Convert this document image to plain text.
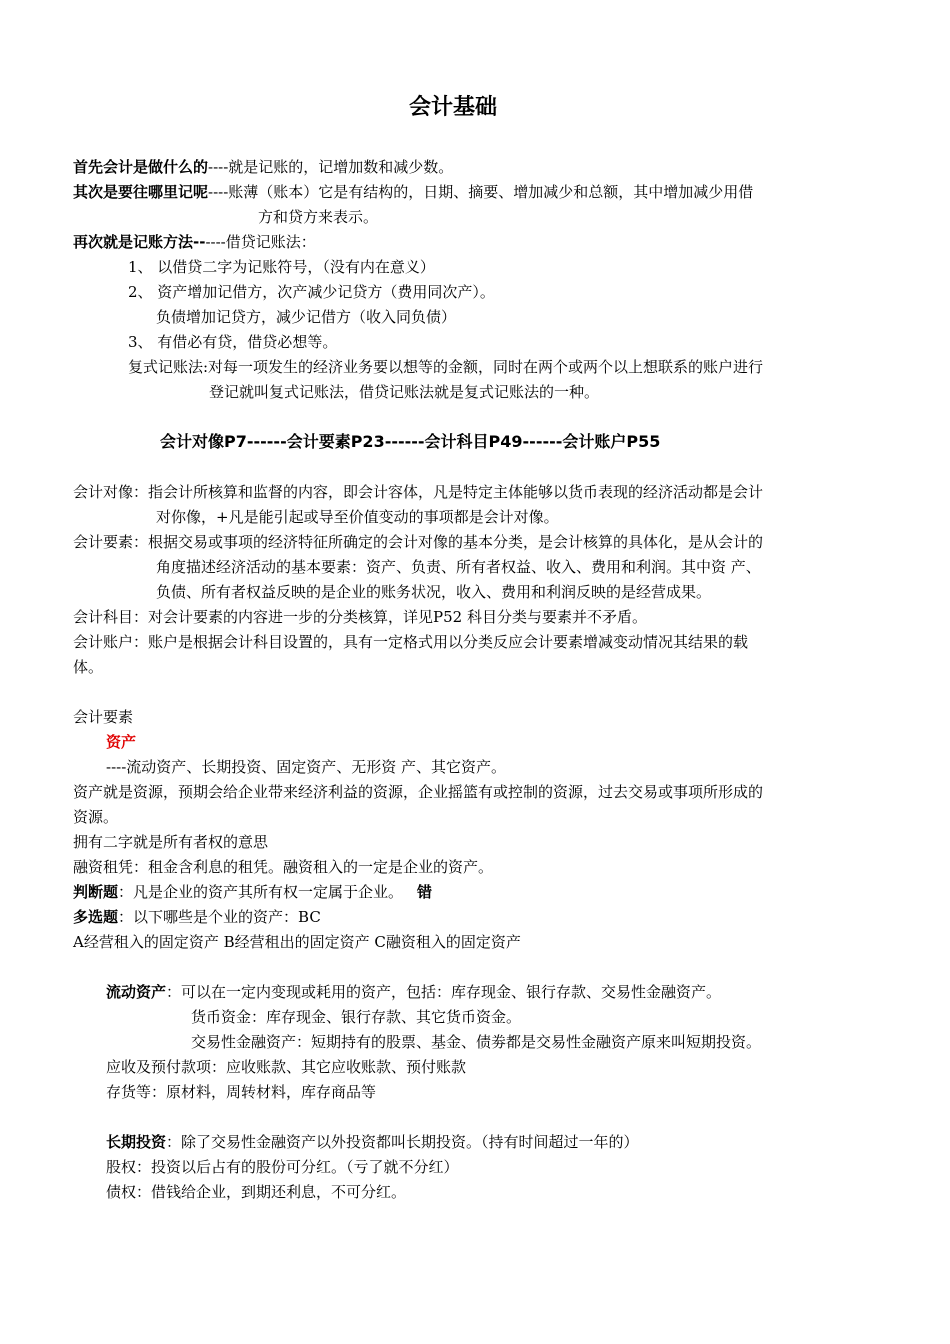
会计基础
首先会计是做什么的----就是记账的，记增加数和减少数。
其次是要往哪里记呢----账薄（账本）它是有结构的，日期、摘要、增加减少和总额，其中增加减少用借
方和贷方来表示。
再次就是记账方法------借贷记账法：
1、 以借贷二字为记账符号，（没有内在意义）
2、 资产增加记借方，次产减少记贷方（费用同次产）。
负债增加记贷方，减少记借方（收入同负债）
3、 有借必有贷，借贷必想等。
复式记账法:对每一项发生的经济业务要以想等的金额，同时在两个或两个以上想联系的账户进行
登记就叫复式记账法，借贷记账法就是复式记账法的一种。
会计对像P7------会计要素P23------会计科目P49------会计账户P55
会计对像：指会计所核算和监督的内容，即会计容体，凡是特定主体能够以货币表现的经济活动都是会计
对你像，+凡是能引起或导至价值变动的事项都是会计对像。
会计要素：根据交易或事项的经济特征所确定的会计对像的基本分类，是会计核算的具体化，是从会计的
角度描述经济活动的基本要素：资产、负责、所有者权益、收入、费用和利润。其中资 产、
负债、所有者权益反映的是企业的账务状况，收入、费用和利润反映的是经营成果。
会计科目：对会计要素的内容进一步的分类核算，详见P52 科目分类与要素并不矛盾。
会计账户：账户是根据会计科目设置的，具有一定格式用以分类反应会计要素增减变动情况其结果的载
体。
会计要素
资产
----流动资产、长期投资、固定资产、无形资 产、其它资产。
资产就是资源，预期会给企业带来经济利益的资源，企业摇篮有或控制的资源，过去交易或事项所形成的
资源。
拥有二字就是所有者权的意思
融资租凭：租金含利息的租凭。融资租入的一定是企业的资产。
判断题：凡是企业的资产其所有权一定属于企业。 错
多选题：以下哪些是个业的资产：BC
A经营租入的固定资产 B经营租出的固定资产 C融资租入的固定资产
流动资产：可以在一定内变现或耗用的资产，包括：库存现金、银行存款、交易性金融资产。
货币资金：库存现金、银行存款、其它货币资金。
交易性金融资产：短期持有的股票、基金、债劵都是交易性金融资产原来叫短期投资。
应收及预付款项：应收账款、其它应收账款、预付账款
存货等：原材料，周转材料，库存商品等
长期投资：除了交易性金融资产以外投资都叫长期投资。（持有时间超过一年的）
股权：投资以后占有的股份可分红。（亏了就不分红）
债权：借钱给企业，到期还利息，不可分红。
